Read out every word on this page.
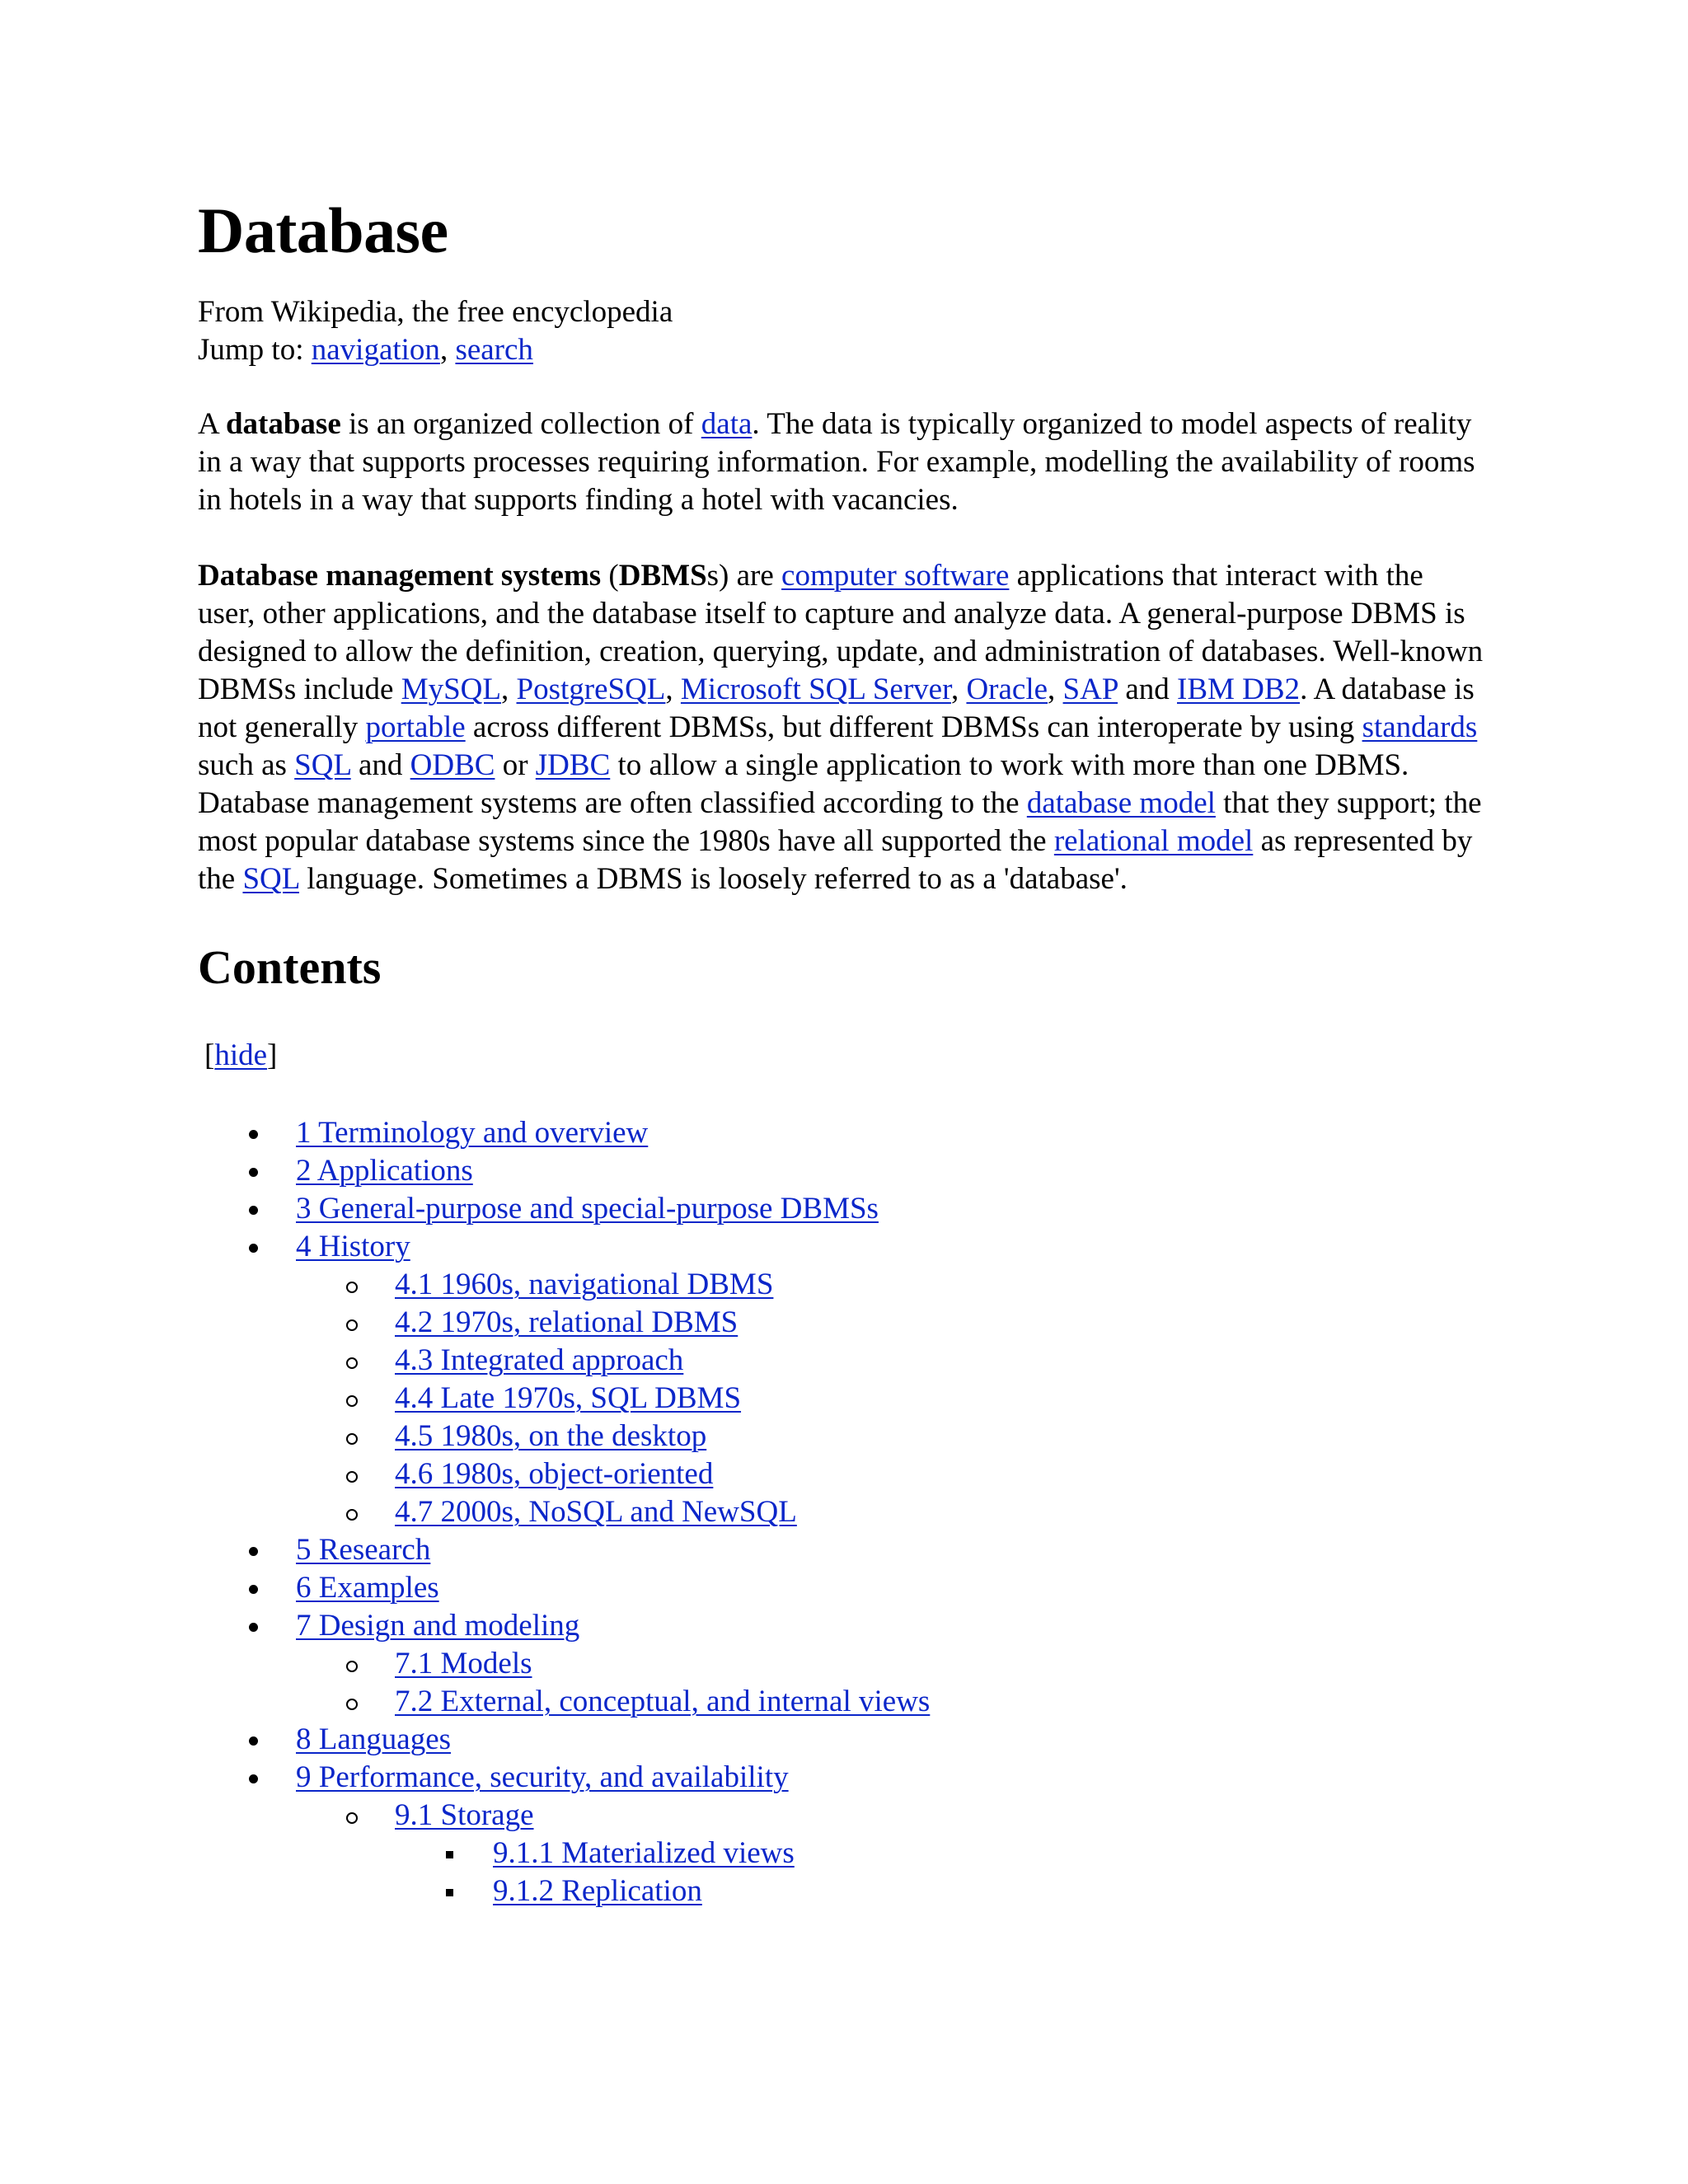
Database
From Wikipedia, the free encyclopedia
Jump to: navigation, search

A database is an organized collection of data. The data is typically organized to model aspects of reality in a way that supports processes requiring information. For example, modelling the availability of rooms in hotels in a way that supports finding a hotel with vacancies.

Database management systems (DBMSs) are computer software applications that interact with the user, other applications, and the database itself to capture and analyze data. A general-purpose DBMS is designed to allow the definition, creation, querying, update, and administration of databases. Well-known DBMSs include MySQL, PostgreSQL, Microsoft SQL Server, Oracle, SAP and IBM DB2. A database is not generally portable across different DBMSs, but different DBMSs can interoperate by using standards such as SQL and ODBC or JDBC to allow a single application to work with more than one DBMS. Database management systems are often classified according to the database model that they support; the most popular database systems since the 1980s have all supported the relational model as represented by the SQL language. Sometimes a DBMS is loosely referred to as a 'database'.

Contents
[hide]
1 Terminology and overview
2 Applications
3 General-purpose and special-purpose DBMSs
4 History
4.1 1960s, navigational DBMS
4.2 1970s, relational DBMS
4.3 Integrated approach
4.4 Late 1970s, SQL DBMS
4.5 1980s, on the desktop
4.6 1980s, object-oriented
4.7 2000s, NoSQL and NewSQL
5 Research
6 Examples
7 Design and modeling
7.1 Models
7.2 External, conceptual, and internal views
8 Languages
9 Performance, security, and availability
9.1 Storage
9.1.1 Materialized views
9.1.2 Replication
